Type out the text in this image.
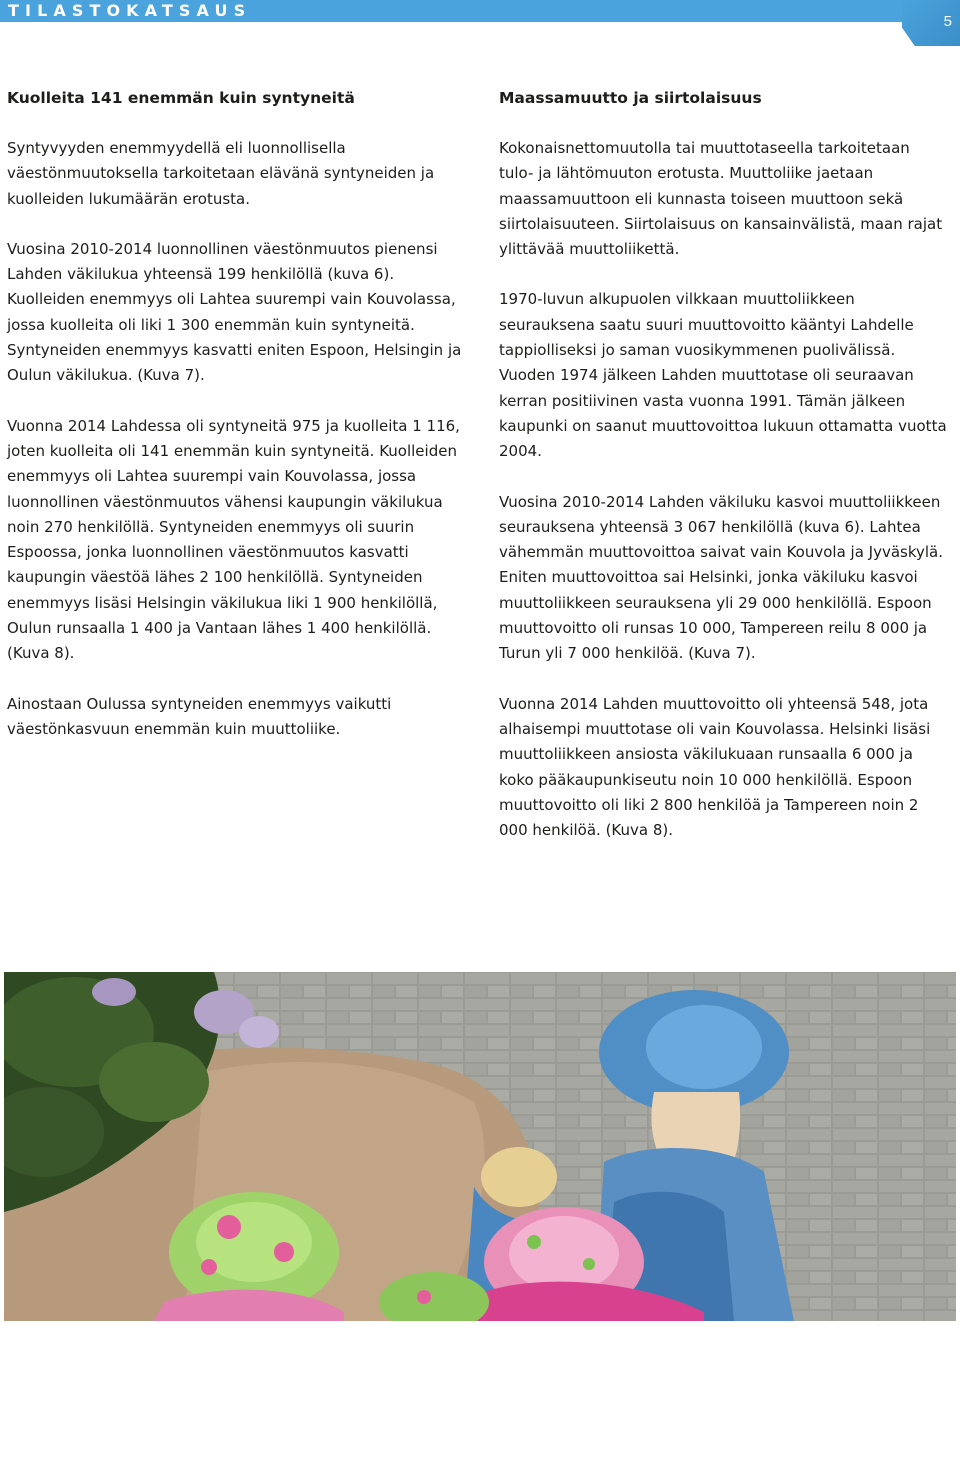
TILASTOKATSAUS
5
Kuolleita 141 enemmän kuin syntyneitä

Syntyvyyden enemmyydellä eli luonnollisella väestönmuutoksella tarkoitetaan elävänä syntyneiden ja kuolleiden lukumäärän erotusta.

Vuosina 2010-2014 luonnollinen väestönmuutos pienensi Lahden väkilukua yhteensä 199 henkilöllä (kuva 6). Kuolleiden enemmyys oli Lahtea suurempi vain Kouvolassa, jossa kuolleita oli liki 1 300 enemmän kuin syntyneitä. Syntyneiden enemmyys kasvatti eniten Espoon, Helsingin ja Oulun väkilukua. (Kuva 7).

Vuonna 2014 Lahdessa oli syntyneitä 975 ja kuolleita 1 116, joten kuolleita oli 141 enemmän kuin syntyneitä. Kuolleiden enemmyys oli Lahtea suurempi vain Kouvolassa, jossa luonnollinen väestönmuutos vähensi kaupungin väkilukua noin 270 henkilöllä. Syntyneiden enemmyys oli suurin Espoossa, jonka luonnollinen väestönmuutos kasvatti kaupungin väestöä lähes 2 100 henkilöllä. Syntyneiden enemmyys lisäsi Helsingin väkilukua liki 1 900 henkilöllä, Oulun runsaalla 1 400 ja Vantaan lähes 1 400 henkilöllä. (Kuva 8).

Ainostaan Oulussa syntyneiden enemmyys vaikutti väestönkasvuun enemmän kuin muuttoliike.

Maassamuutto ja siirtolaisuus

Kokonaisnettomuutolla tai muuttotaseella tarkoitetaan tulo- ja lähtömuuton erotusta. Muuttoliike jaetaan maassamuuttoon eli kunnasta toiseen muuttoon sekä siirtolaisuuteen. Siirtolaisuus on kansainvälistä, maan rajat ylittävää muuttoliikettä.

1970-luvun alkupuolen vilkkaan muuttoliikkeen seurauksena saatu suuri muuttovoitto kääntyi Lahdelle tappiolliseksi jo saman vuosikymmenen puolivälissä. Vuoden 1974 jälkeen Lahden muuttotase oli seuraavan kerran positiivinen vasta vuonna 1991. Tämän jälkeen kaupunki on saanut muuttovoittoa lukuun ottamatta vuotta 2004.

Vuosina 2010-2014 Lahden väkiluku kasvoi muuttoliikkeen seurauksena yhteensä 3 067 henkilöllä (kuva 6). Lahtea vähemmän muuttovoittoa saivat vain Kouvola ja Jyväskylä. Eniten muuttovoittoa sai Helsinki, jonka väkiluku kasvoi muuttoliikkeen seurauksena yli 29 000 henkilöllä. Espoon muuttovoitto oli runsas 10 000, Tampereen reilu 8 000 ja Turun yli 7 000 henkilöä. (Kuva 7).

Vuonna 2014 Lahden muuttovoitto oli yhteensä 548, jota alhaisempi muuttotase oli vain Kouvolassa. Helsinki lisäsi muuttoliikkeen ansiosta väkilukuaan runsaalla 6 000 ja koko pääkaupunkiseutu noin 10 000 henkilöllä. Espoon muuttovoitto oli liki 2 800 henkilöä ja Tampereen noin 2 000 henkilöä. (Kuva 8).
